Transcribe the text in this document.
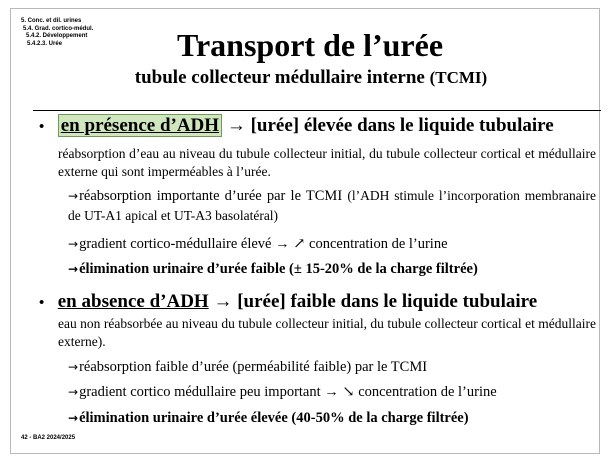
5. Conc. et dil. urines
5.4. Grad. cortico-médul.
5.4.2. Développement
5.4.2.3. Urée	Transport de l’urée
tubule collecteur médullaire interne (TCMI)
• en présence d’ADH → [urée] élevée dans le liquide tubulaire
réabsorption d’eau au niveau du tubule collecteur initial, du tubule collecteur cortical et médullaire externe qui sont imperméables à l’urée.
→réabsorption importante d’urée par le TCMI (l’ADH stimule l’incorporation membranaire de UT-A1 apical et UT-A3 basolatéral)
→gradient cortico-médullaire élevé → ↗ concentration de l’urine
→élimination urinaire d’urée faible (± 15-20% de la charge filtrée)
• en absence d’ADH → [urée] faible dans le liquide tubulaire
eau non réabsorbée au niveau du tubule collecteur initial, du tubule collecteur cortical et médullaire externe).
→réabsorption faible d’urée (perméabilité faible) par le TCMI
→gradient cortico médullaire peu important → ↘ concentration de l’urine
→élimination urinaire d’urée élevée (40-50% de la charge filtrée)
42 - BA2 2024/2025
